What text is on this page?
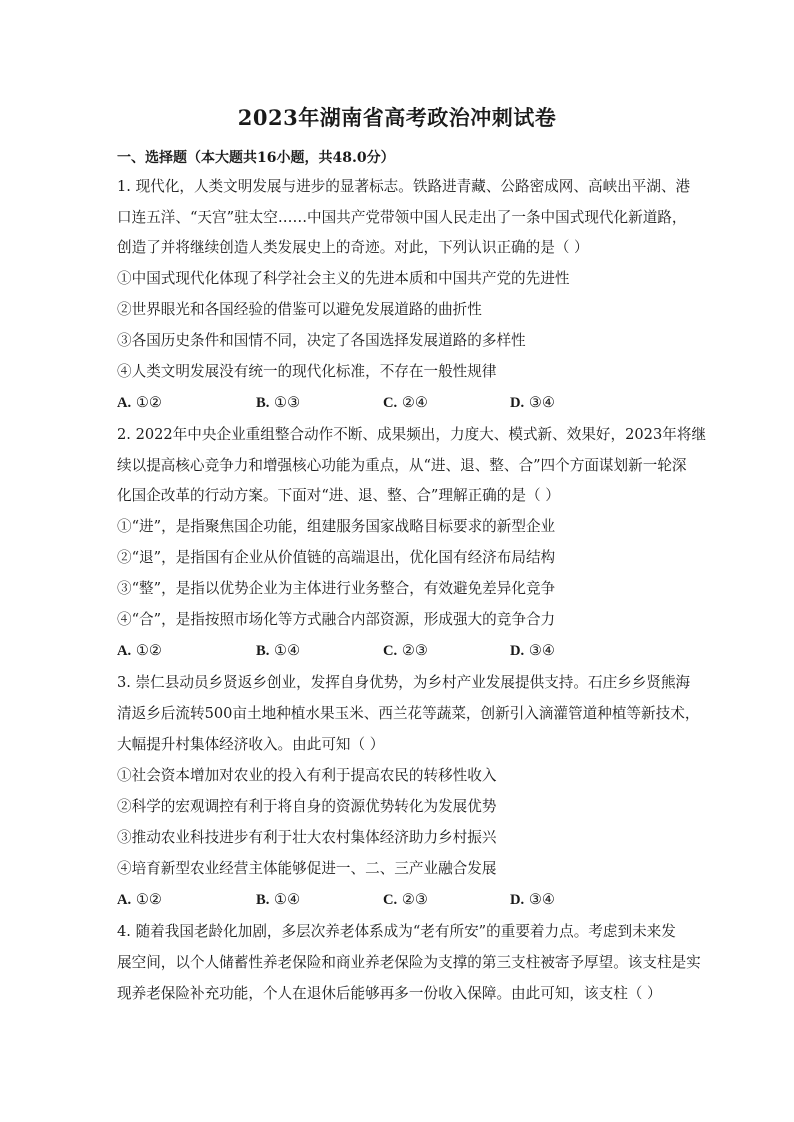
2023年湖南省高考政治冲刺试卷
一、选择题（本大题共16小题，共48.0分）
1. 现代化，人类文明发展与进步的显著标志。铁路进青藏、公路密成网、高峡出平湖、港
口连五洋、“天宫”驻太空……中国共产党带领中国人民走出了一条中国式现代化新道路，
创造了并将继续创造人类发展史上的奇迹。对此，下列认识正确的是（ ）
①中国式现代化体现了科学社会主义的先进本质和中国共产党的先进性
②世界眼光和各国经验的借鉴可以避免发展道路的曲折性
③各国历史条件和国情不同，决定了各国选择发展道路的多样性
④人类文明发展没有统一的现代化标准，不存在一般性规律
A. ①②	B. ①③	C. ②④	D. ③④
2. 2022年中央企业重组整合动作不断、成果频出，力度大、模式新、效果好，2023年将继
续以提高核心竞争力和增强核心功能为重点，从“进、退、整、合”四个方面谋划新一轮深
化国企改革的行动方案。下面对“进、退、整、合”理解正确的是（ ）
①“进”，是指聚焦国企功能，组建服务国家战略目标要求的新型企业
②“退”，是指国有企业从价值链的高端退出，优化国有经济布局结构
③“整”，是指以优势企业为主体进行业务整合，有效避免差异化竞争
④“合”，是指按照市场化等方式融合内部资源，形成强大的竞争合力
A. ①②	B. ①④	C. ②③	D. ③④
3. 崇仁县动员乡贤返乡创业，发挥自身优势，为乡村产业发展提供支持。石庄乡乡贤熊海
清返乡后流转500亩土地种植水果玉米、西兰花等蔬菜，创新引入滴灌管道种植等新技术，
大幅提升村集体经济收入。由此可知（ ）
①社会资本增加对农业的投入有利于提高农民的转移性收入
②科学的宏观调控有利于将自身的资源优势转化为发展优势
③推动农业科技进步有利于壮大农村集体经济助力乡村振兴
④培育新型农业经营主体能够促进一、二、三产业融合发展
A. ①②	B. ①④	C. ②③	D. ③④
4. 随着我国老龄化加剧，多层次养老体系成为“老有所安”的重要着力点。考虑到未来发
展空间，以个人储蓄性养老保险和商业养老保险为支撑的第三支柱被寄予厚望。该支柱是实
现养老保险补充功能，个人在退休后能够再多一份收入保障。由此可知，该支柱（ ）
